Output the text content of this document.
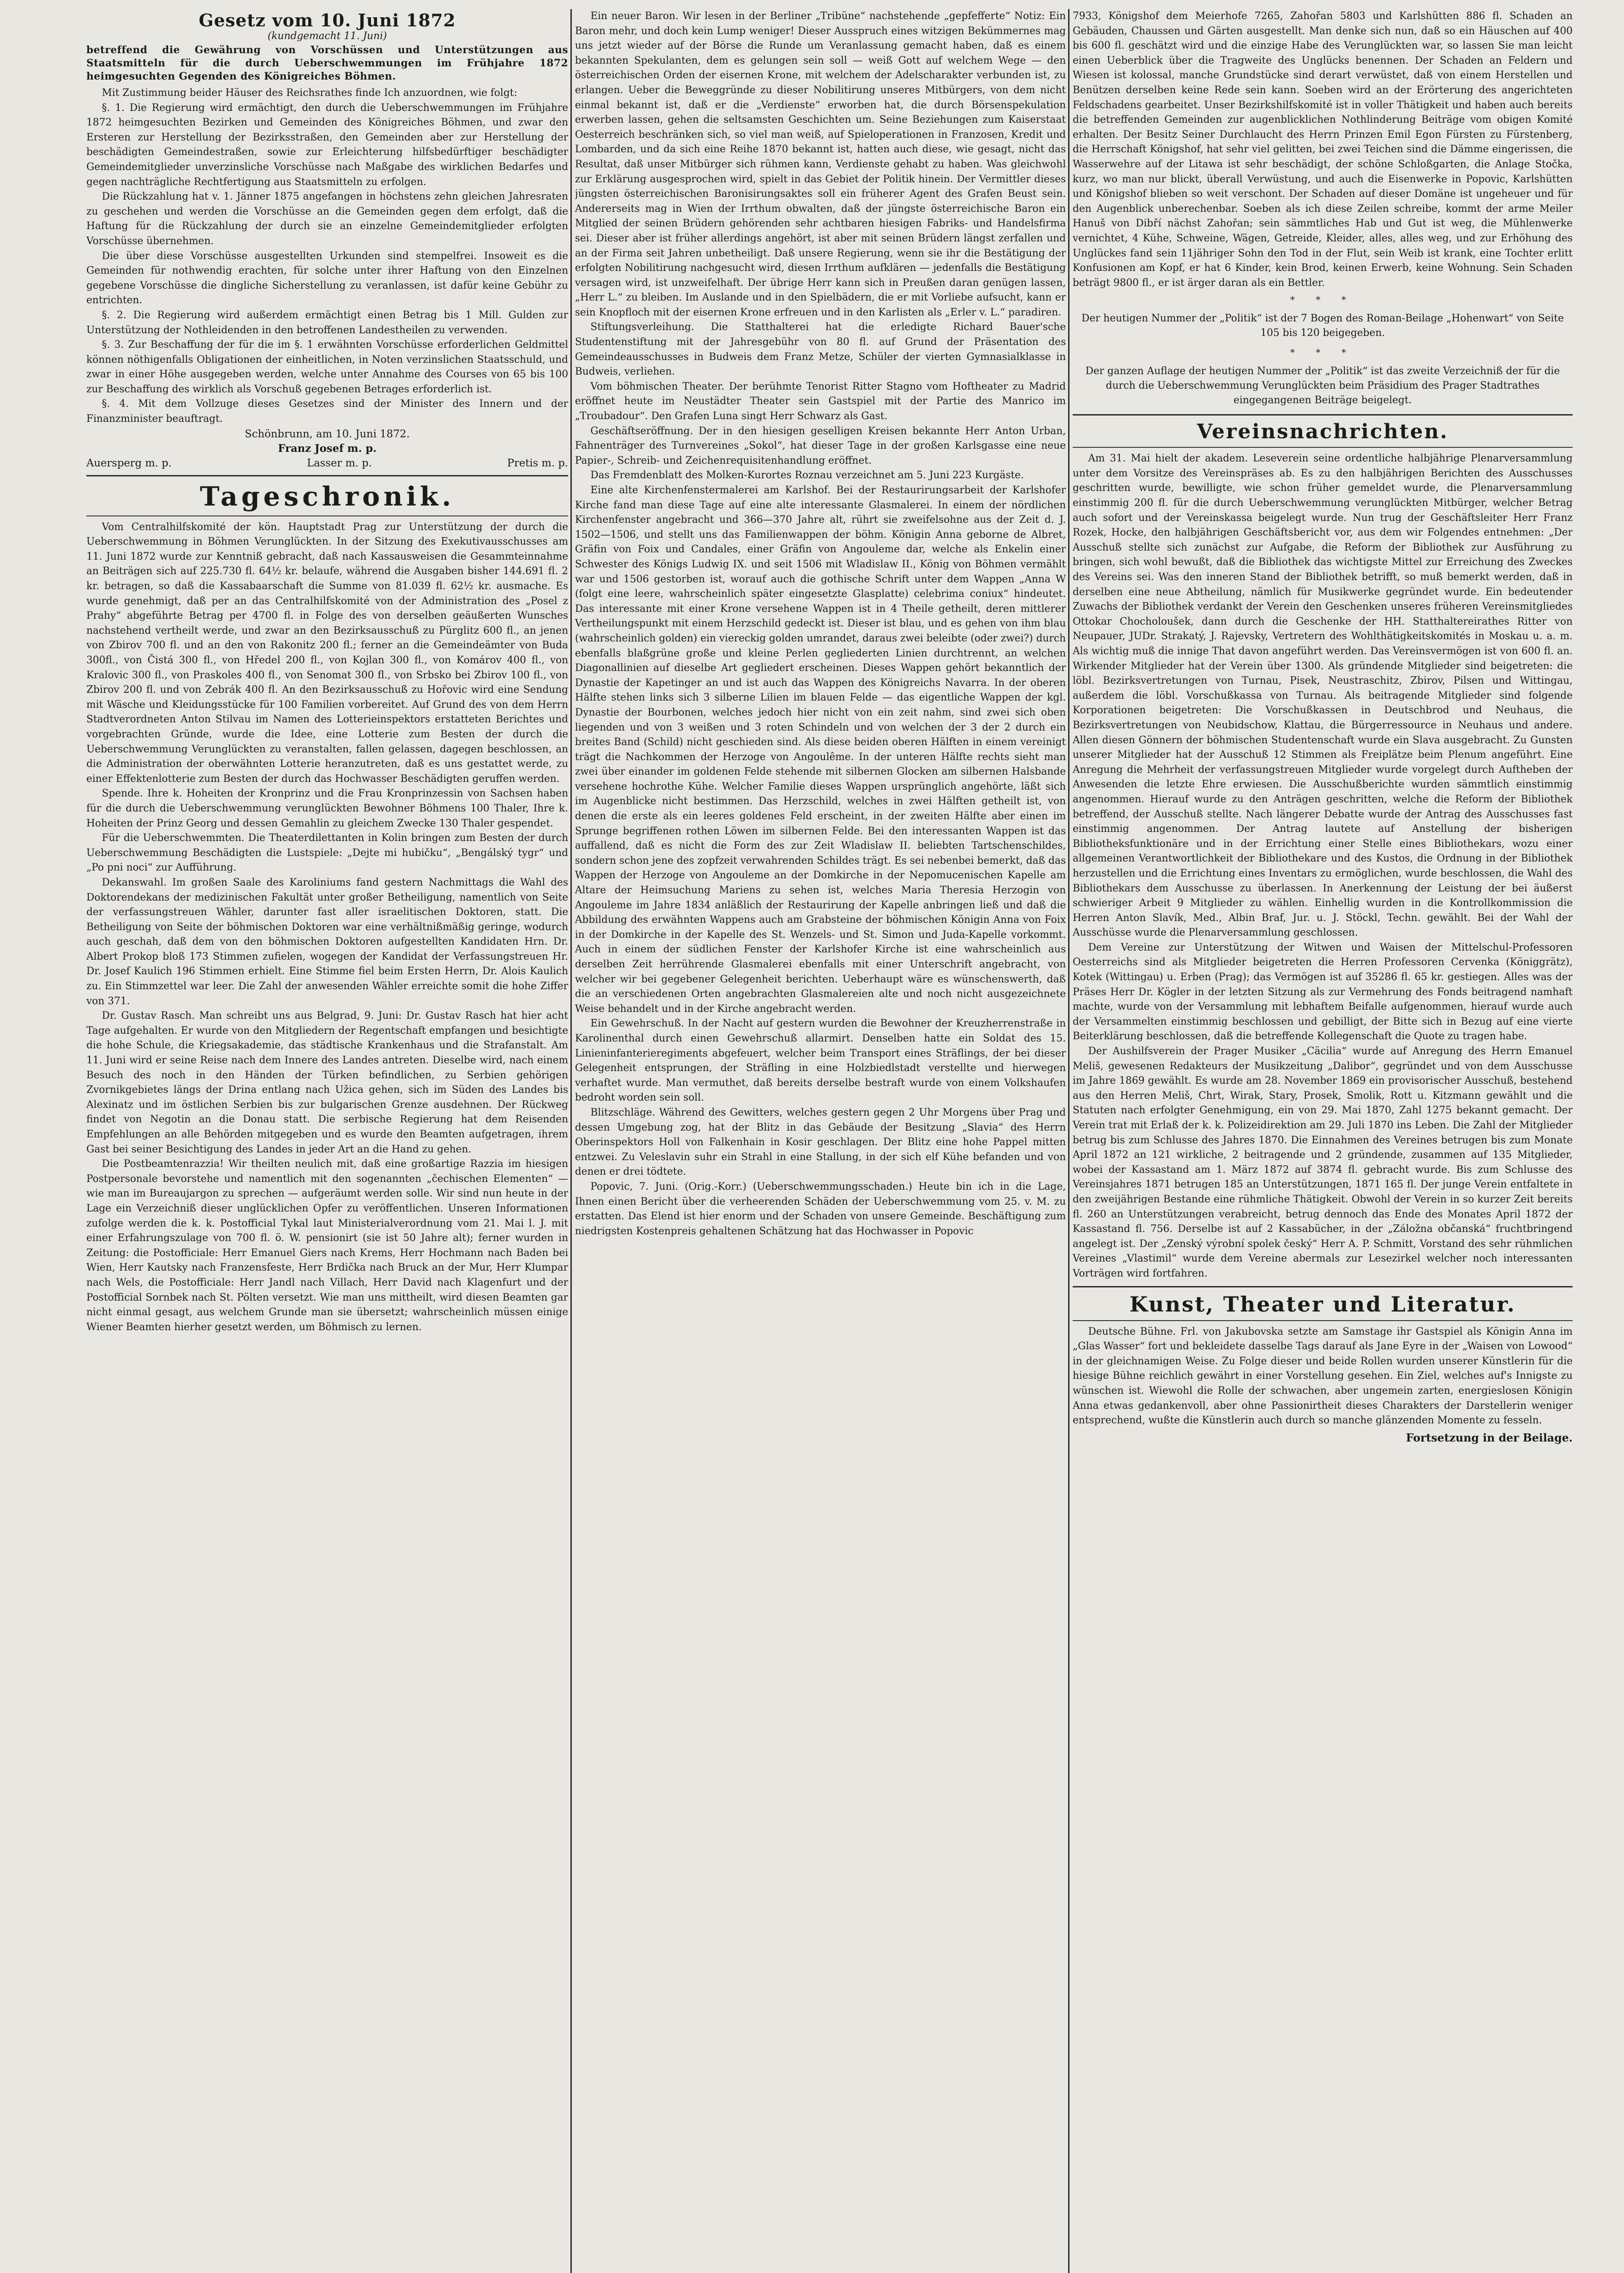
Gesetz vom 10. Juni 1872
(kundgemacht 11. Juni)
betreffend die Gewährung von Vorschüssen und Unterstützungen aus Staatsmitteln für die durch Ueberschwemmungen im Frühjahre 1872 heimgesuchten Gegenden des Königreiches Böhmen.

Mit Zustimmung beider Häuser des Reichsrathes finde Ich anzuordnen, wie folgt:

§. 1. Die Regierung wird ermächtigt, den durch die Ueberschwemmungen im Frühjahre 1872 heimgesuchten Bezirken und Gemeinden des Königreiches Böhmen, und zwar den Ersteren zur Herstellung der Bezirksstraßen, den Gemeinden aber zur Herstellung der beschädigten Gemeindestraßen, sowie zur Erleichterung hilfsbedürftiger beschädigter Gemeindemitglieder unverzinsliche Vorschüsse nach Maßgabe des wirklichen Bedarfes und gegen nachträgliche Rechtfertigung aus Staatsmitteln zu erfolgen.

Die Rückzahlung hat v. 1. Jänner 1875 angefangen in höchstens zehn gleichen Jahresraten zu geschehen und werden die Vorschüsse an die Gemeinden gegen dem erfolgt, daß die Haftung für die Rückzahlung der durch sie an einzelne Gemeindemitglieder erfolgten Vorschüsse übernehmen.

Die über diese Vorschüsse ausgestellten Urkunden sind stempelfrei. Insoweit es die Gemeinden für nothwendig erachten, für solche unter ihrer Haftung von den Einzelnen gegebene Vorschüsse die dingliche Sicherstellung zu veranlassen, ist dafür keine Gebühr zu entrichten.

§. 2. Die Regierung wird außerdem ermächtigt einen Betrag bis 1 Mill. Gulden zur Unterstützung der Nothleidenden in den betroffenen Landestheilen zu verwenden.

§. 3. Zur Beschaffung der für die im §. 1 erwähnten Vorschüsse erforderlichen Geldmittel können nöthigenfalls Obligationen der einheitlichen, in Noten verzinslichen Staatsschuld, und zwar in einer Höhe ausgegeben werden, welche unter Annahme des Courses von 65 bis 100 zur Beschaffung des wirklich als Vorschuß gegebenen Betrages erforderlich ist.

§. 4. Mit dem Vollzuge dieses Gesetzes sind der Minister des Innern und der Finanzminister beauftragt.

Schönbrunn, am 10. Juni 1872.
Franz Josef m. p.
Auersperg m. p.	Lasser m. p.	Pretis m. p.
Tageschronik.

Vom Centralhilfskomité der kön. Hauptstadt Prag zur Unterstützung der durch die Ueberschwemmung in Böhmen Verunglückten. In der Sitzung des Exekutivausschusses am 11. Juni 1872 wurde zur Kenntniß gebracht, daß nach Kassausweisen die Gesammteinnahme an Beiträgen sich auf 225.730 fl. 64½ kr. belaufe, während die Ausgaben bisher 144.691 fl. 2 kr. betragen, so daß die Kassabaarschaft die Summe von 81.039 fl. 62½ kr. ausmache. Es wurde genehmigt, daß per an das Centralhilfskomité von der Administration des „Posel z Prahy“ abgeführte Betrag per 4700 fl. in Folge des von derselben geäußerten Wunsches nachstehend vertheilt werde, und zwar an den Bezirksausschuß zu Pürglitz 600 fl., an jenen von Zbirov 700 fl. und an den von Rakonitz 200 fl.; ferner an die Gemeindeämter von Buda 300fl., von Čistá 300 fl., von Hředel 200 fl., von Kojlan 300 fl., von Komárov 400 fl., von Kralovic 300 fl., von Praskoles 400 fl., von Senomat 300 fl., von Srbsko bei Zbirov 100 fl., von Zbirov 200 fl. und von Zebrák 400 fl. An den Bezirksausschuß zu Hořovic wird eine Sendung mit Wäsche und Kleidungsstücke für 100 Familien vorbereitet. Auf Grund des von dem Herrn Stadtverordneten Anton Stilvau im Namen des Lotterieinspektors erstatteten Berichtes und vorgebrachten Gründe, wurde die Idee, eine Lotterie zum Besten der durch die Ueberschwemmung Verunglückten zu veranstalten, fallen gelassen, dagegen beschlossen, an die Administration der oberwähnten Lotterie heranzutreten, daß es uns gestattet werde, zu einer Effektenlotterie zum Besten der durch das Hochwasser Beschädigten geruffen werden.

Spende. Ihre k. Hoheiten der Kronprinz und die Frau Kronprinzessin von Sachsen haben für die durch die Ueberschwemmung verunglückten Bewohner Böhmens 100 Thaler, Ihre k. Hoheiten der Prinz Georg und dessen Gemahlin zu gleichem Zwecke 130 Thaler gespendet.

Für die Ueberschwemmten. Die Theaterdilettanten in Kolin bringen zum Besten der durch Ueberschwemmung Beschädigten die Lustspiele: „Dejte mi hubičku“, „Bengálský tygr“ und „Po pni noci“ zur Aufführung.

Dekanswahl. Im großen Saale des Karoliniums fand gestern Nachmittags die Wahl des Doktorendekans der medizinischen Fakultät unter großer Betheiligung, namentlich von Seite der verfassungstreuen Wähler, darunter fast aller israelitischen Doktoren, statt. Die Betheiligung von Seite der böhmischen Doktoren war eine verhältnißmäßig geringe, wodurch auch geschah, daß dem von den böhmischen Doktoren aufgestellten Kandidaten Hrn. Dr. Albert Prokop bloß 173 Stimmen zufielen, wogegen der Kandidat der Verfassungstreuen Hr. Dr. Josef Kaulich 196 Stimmen erhielt. Eine Stimme fiel beim Ersten Herrn, Dr. Alois Kaulich zu. Ein Stimmzettel war leer. Die Zahl der anwesenden Wähler erreichte somit die hohe Ziffer von 371.

Dr. Gustav Rasch. Man schreibt uns aus Belgrad, 9. Juni: Dr. Gustav Rasch hat hier acht Tage aufgehalten. Er wurde von den Mitgliedern der Regentschaft empfangen und besichtigte die hohe Schule, die Kriegsakademie, das städtische Krankenhaus und die Strafanstalt. Am 11. Juni wird er seine Reise nach dem Innere des Landes antreten. Dieselbe wird, nach einem Besuch des noch in den Händen der Türken befindlichen, zu Serbien gehörigen Zvornikgebietes längs der Drina entlang nach Užica gehen, sich im Süden des Landes bis Alexinatz und im östlichen Serbien bis zur bulgarischen Grenze ausdehnen. Der Rückweg findet von Negotin an die Donau statt. Die serbische Regierung hat dem Reisenden Empfehlungen an alle Behörden mitgegeben und es wurde den Beamten aufgetragen, ihrem Gast bei seiner Besichtigung des Landes in jeder Art an die Hand zu gehen.

Die Postbeamtenrazzia! Wir theilten neulich mit, daß eine großartige Razzia im hiesigen Postpersonale bevorstehe und namentlich mit den sogenannten „čechischen Elementen“ — wie man im Bureaujargon zu sprechen — aufgeräumt werden solle. Wir sind nun heute in der Lage ein Verzeichniß dieser unglücklichen Opfer zu veröffentlichen. Unseren Informationen zufolge werden die k. k. Postofficial Tykal laut Ministerialverordnung vom 21. Mai l. J. mit einer Erfahrungszulage von 700 fl. ö. W. pensionirt (sie ist 50 Jahre alt); ferner wurden in Zeitung: die Postofficiale: Herr Emanuel Giers nach Krems, Herr Hochmann nach Baden bei Wien, Herr Kautsky nach Franzensfeste, Herr Brdička nach Bruck an der Mur, Herr Klumpar nach Wels, die Postofficiale: Herr Jandl nach Villach, Herr David nach Klagenfurt und der Postofficial Sornbek nach St. Pölten versetzt. Wie man uns mittheilt, wird diesen Beamten gar nicht einmal gesagt, aus welchem Grunde man sie übersetzt; wahrscheinlich müssen einige Wiener Beamten hierher gesetzt werden, um Böhmisch zu lernen.

Ein neuer Baron. Wir lesen in der Berliner „Tribüne“ nachstehende „gepfefferte“ Notiz: Ein Baron mehr, und doch kein Lump weniger! Dieser Ausspruch eines witzigen Bekümmernes mag uns jetzt wieder auf der Börse die Runde um Veranlassung gemacht haben, daß es einem bekannten Spekulanten, dem es gelungen sein soll — weiß Gott auf welchem Wege — den österreichischen Orden der eisernen Krone, mit welchem der Adelscharakter verbunden ist, zu erlangen. Ueber die Beweggründe zu dieser Nobilitirung unseres Mitbürgers, von dem nicht einmal bekannt ist, daß er die „Verdienste“ erworben hat, die durch Börsenspekulation erwerben lassen, gehen die seltsamsten Geschichten um. Seine Beziehungen zum Kaiserstaat Oesterreich beschränken sich, so viel man weiß, auf Spieloperationen in Franzosen, Kredit und Lombarden, und da sich eine Reihe 1870 bekannt ist, hatten auch diese, wie gesagt, nicht das Resultat, daß unser Mitbürger sich rühmen kann, Verdienste gehabt zu haben. Was gleichwohl zur Erklärung ausgesprochen wird, spielt in das Gebiet der Politik hinein. Der Vermittler dieses jüngsten österreichischen Baronisirungsaktes soll ein früherer Agent des Grafen Beust sein. Andererseits mag in Wien der Irrthum obwalten, daß der jüngste österreichische Baron ein Mitglied der seinen Brüdern gehörenden sehr achtbaren hiesigen Fabriks- und Handelsfirma sei. Dieser aber ist früher allerdings angehört, ist aber mit seinen Brüdern längst zerfallen und an der Firma seit Jahren unbetheiligt. Daß unsere Regierung, wenn sie ihr die Bestätigung der erfolgten Nobilitirung nachgesucht wird, diesen Irrthum aufklären — jedenfalls die Bestätigung versagen wird, ist unzweifelhaft. Der übrige Herr kann sich in Preußen daran genügen lassen, „Herr L.“ zu bleiben. Im Auslande und in den Spielbädern, die er mit Vorliebe aufsucht, kann er sein Knopfloch mit der eisernen Krone erfreuen und in den Karlisten als „Erler v. L.“ paradiren.

Stiftungsverleihung. Die Statthalterei hat die erledigte Richard Bauer'sche Studentenstiftung mit der Jahresgebühr von 80 fl. auf Grund der Präsentation des Gemeindeausschusses in Budweis dem Franz Metze, Schüler der vierten Gymnasialklasse in Budweis, verliehen.

Vom böhmischen Theater. Der berühmte Tenorist Ritter Stagno vom Hoftheater zu Madrid eröffnet heute im Neustädter Theater sein Gastspiel mit der Partie des Manrico im „Troubadour“. Den Grafen Luna singt Herr Schwarz als Gast.

Geschäftseröffnung. Der in den hiesigen geselligen Kreisen bekannte Herr Anton Urban, Fahnenträger des Turnvereines „Sokol“, hat dieser Tage in der großen Karlsgasse eine neue Papier-, Schreib- und Zeichenrequisitenhandlung eröffnet.

Das Fremdenblatt des Molken-Kurortes Roznau verzeichnet am 5. Juni 223 Kurgäste.

Eine alte Kirchenfenstermalerei am Karlshof. Bei der Restaurirungsarbeit der Karlshofer Kirche fand man diese Tage auf eine alte interessante Glasmalerei. In einem der nördlichen Kirchenfenster angebracht und 366—370 Jahre alt, rührt sie zweifelsohne aus der Zeit d. J. 1502—1506, und stellt uns das Familienwappen der böhm. Königin Anna geborne de Albret, Gräfin von Foix und Candales, einer Gräfin von Angouleme dar, welche als Enkelin einer Schwester des Königs Ludwig IX. und seit 1506 mit Wladislaw II., König von Böhmen vermählt war und 1506 gestorben ist, worauf auch die gothische Schrift unter dem Wappen „Anna W (folgt eine leere, wahrscheinlich später eingesetzte Glasplatte) celebrima coniux“ hindeutet. Das interessante mit einer Krone versehene Wappen ist in 4 Theile getheilt, deren mittlerer Vertheilungspunkt mit einem Herzschild gedeckt ist. Dieser ist blau, und es gehen von ihm blau (wahrscheinlich golden) ein viereckig golden umrandet, daraus zwei beleibte (oder zwei?) durch ebenfalls blaßgrüne große und kleine Perlen gegliederten Linien durchtrennt, an welchen Diagonallinien auf dieselbe Art gegliedert erscheinen. Dieses Wappen gehört bekanntlich der Dynastie der Kapetinger an und ist auch das Wappen des Königreichs Navarra. In der oberen Hälfte stehen links sich 3 silberne Lilien im blauen Felde — das eigentliche Wappen der kgl. Dynastie der Bourbonen, welches jedoch hier nicht von ein zeit nahm, sind zwei sich oben liegenden und von 3 weißen und 3 roten Schindeln und von welchen der 3 der 2 durch ein breites Band (Schild) nicht geschieden sind. Als diese beiden oberen Hälften in einem vereinigt trägt die Nachkommen der Herzoge von Angoulême. In der unteren Hälfte rechts sieht man zwei über einander im goldenen Felde stehende mit silbernen Glocken am silbernen Halsbande versehene hochrothe Kühe. Welcher Familie dieses Wappen ursprünglich angehörte, läßt sich im Augenblicke nicht bestimmen. Das Herzschild, welches in zwei Hälften getheilt ist, von denen die erste als ein leeres goldenes Feld erscheint, in der zweiten Hälfte aber einen im Sprunge begriffenen rothen Löwen im silbernen Felde. Bei den interessanten Wappen ist das auffallend, daß es nicht die Form des zur Zeit Wladislaw II. beliebten Tartschenschildes, sondern schon jene des zopfzeit verwahrenden Schildes trägt. Es sei nebenbei bemerkt, daß das Wappen der Herzoge von Angouleme an der Domkirche in der Nepomucenischen Kapelle am Altare der Heimsuchung Mariens zu sehen ist, welches Maria Theresia Herzogin von Angouleme im Jahre 1834 anläßlich der Restaurirung der Kapelle anbringen ließ und daß die Abbildung des erwähnten Wappens auch am Grabsteine der böhmischen Königin Anna von Foix in der Domkirche in der Kapelle des St. Wenzels- und St. Simon und Juda-Kapelle vorkommt. Auch in einem der südlichen Fenster der Karlshofer Kirche ist eine wahrscheinlich aus derselben Zeit herrührende Glasmalerei ebenfalls mit einer Unterschrift angebracht, von welcher wir bei gegebener Gelegenheit berichten. Ueberhaupt wäre es wünschenswerth, daß die an verschiedenen Orten angebrachten Glasmalereien alte und noch nicht ausgezeichnete Weise behandelt und in der Kirche angebracht werden.

Ein Gewehrschuß. In der Nacht auf gestern wurden die Bewohner der Kreuzherrenstraße in Karolinenthal durch einen Gewehrschuß allarmirt. Denselben hatte ein Soldat des 15. Linieninfanterieregiments abgefeuert, welcher beim Transport eines Sträflings, der bei dieser Gelegenheit entsprungen, der Sträfling in eine Holzbiedlstadt verstellte und hierwegen verhaftet wurde. Man vermuthet, daß bereits derselbe bestraft wurde von einem Volkshaufen bedroht worden sein soll.

Blitzschläge. Während des Gewitters, welches gestern gegen 2 Uhr Morgens über Prag und dessen Umgebung zog, hat der Blitz in das Gebäude der Besitzung „Slavia“ des Herrn Oberinspektors Holl von Falkenhain in Kosir geschlagen. Der Blitz eine hohe Pappel mitten entzwei. Zu Veleslavin suhr ein Strahl in eine Stallung, in der sich elf Kühe befanden und von denen er drei tödtete.

Popovic, 7. Juni. (Orig.-Korr.) (Ueberschwemmungsschaden.) Heute bin ich in die Lage, Ihnen einen Bericht über die verheerenden Schäden der Ueberschwemmung vom 25. v. M. zu erstatten. Das Elend ist hier enorm und der Schaden von unsere Gemeinde. Beschäftigung zum niedrigsten Kostenpreis gehaltenen Schätzung hat das Hochwasser in Popovic

7933, Königshof dem Meierhofe 7265, Zahořan 5803 und Karlshütten 886 fl. Schaden an Gebäuden, Chaussen und Gärten ausgestellt. Man denke sich nun, daß so ein Häuschen auf 400 bis 600 fl. geschätzt wird und die einzige Habe des Verunglückten war, so lassen Sie man leicht einen Ueberblick über die Tragweite des Unglücks benennen. Der Schaden an Feldern und Wiesen ist kolossal, manche Grundstücke sind derart verwüstet, daß von einem Herstellen und Benützen derselben keine Rede sein kann. Soeben wird an der Erörterung des angerichteten Feldschadens gearbeitet. Unser Bezirkshilfskomité ist in voller Thätigkeit und haben auch bereits die betreffenden Gemeinden zur augenblicklichen Nothlinderung Beiträge vom obigen Komité erhalten. Der Besitz Seiner Durchlaucht des Herrn Prinzen Emil Egon Fürsten zu Fürstenberg, die Herrschaft Königshof, hat sehr viel gelitten, bei zwei Teichen sind die Dämme eingerissen, die Wasserwehre auf der Litawa ist sehr beschädigt, der schöne Schloßgarten, die Anlage Stočka, kurz, wo man nur blickt, überall Verwüstung, und auch die Eisenwerke in Popovic, Karlshütten und Königshof blieben so weit verschont. Der Schaden auf dieser Domäne ist ungeheuer und für den Augenblick unberechenbar. Soeben als ich diese Zeilen schreibe, kommt der arme Meiler Hanuš von Dibří nächst Zahořan; sein sämmtliches Hab und Gut ist weg, die Mühlenwerke vernichtet, 4 Kühe, Schweine, Wägen, Getreide, Kleider, alles, alles weg, und zur Erhöhung des Unglückes fand sein 11jähriger Sohn den Tod in der Flut, sein Weib ist krank, eine Tochter erlitt Konfusionen am Kopf, er hat 6 Kinder, kein Brod, keinen Erwerb, keine Wohnung. Sein Schaden beträgt 9800 fl., er ist ärger daran als ein Bettler.

* * *
Der heutigen Nummer der „Politik“ ist der 7 Bogen des Roman-Beilage „Hohenwart“ von Seite 105 bis 120 beigegeben.
* * *
Der ganzen Auflage der heutigen Nummer der „Politik“ ist das zweite Verzeichniß der für die durch die Ueberschwemmung Verunglückten beim Präsidium des Prager Stadtrathes eingegangenen Beiträge beigelegt.
Vereinsnachrichten.

Am 31. Mai hielt der akadem. Leseverein seine ordentliche halbjährige Plenarversammlung unter dem Vorsitze des Vereinspräses ab. Es zu den halbjährigen Berichten des Ausschusses geschritten wurde, bewilligte, wie schon früher gemeldet wurde, die Plenarversammlung einstimmig 200 fl. für die durch Ueberschwemmung verunglückten Mitbürger, welcher Betrag auch sofort und der Vereinskassa beigelegt wurde. Nun trug der Geschäftsleiter Herr Franz Rozek, Hocke, den halbjährigen Geschäftsbericht vor, aus dem wir Folgendes entnehmen: „Der Ausschuß stellte sich zunächst zur Aufgabe, die Reform der Bibliothek zur Ausführung zu bringen, sich wohl bewußt, daß die Bibliothek das wichtigste Mittel zur Erreichung des Zweckes des Vereins sei. Was den inneren Stand der Bibliothek betrifft, so muß bemerkt werden, daß in derselben eine neue Abtheilung, nämlich für Musikwerke gegründet wurde. Ein bedeutender Zuwachs der Bibliothek verdankt der Verein den Geschenken unseres früheren Vereinsmitgliedes Ottokar Chocholoušek, dann durch die Geschenke der HH. Statthaltereirathes Ritter von Neupauer, JUDr. Strakatý, J. Rajevsky, Vertretern des Wohlthätigkeitskomités in Moskau u. a. m. Als wichtig muß die innige That davon angeführt werden. Das Vereinsvermögen ist von 600 fl. an. Wirkender Mitglieder hat der Verein über 1300. Als gründende Mitglieder sind beigetreten: die löbl. Bezirksvertretungen von Turnau, Pisek, Neustraschitz, Zbirov, Pilsen und Wittingau, außerdem die löbl. Vorschußkassa von Turnau. Als beitragende Mitglieder sind folgende Korporationen beigetreten: Die Vorschußkassen in Deutschbrod und Neuhaus, die Bezirksvertretungen von Neubidschow, Klattau, die Bürgerressource in Neuhaus und andere. Allen diesen Gönnern der böhmischen Studentenschaft wurde ein Slava ausgebracht. Zu Gunsten unserer Mitglieder hat der Ausschuß 12 Stimmen als Freiplätze beim Plenum angeführt. Eine Anregung die Mehrheit der verfassungstreuen Mitglieder wurde vorgelegt durch Auftheben der Anwesenden die letzte Ehre erwiesen. Die Ausschußberichte wurden sämmtlich einstimmig angenommen. Hierauf wurde zu den Anträgen geschritten, welche die Reform der Bibliothek betreffend, der Ausschuß stellte. Nach längerer Debatte wurde der Antrag des Ausschusses fast einstimmig angenommen. Der Antrag lautete auf Anstellung der bisherigen Bibliotheksfunktionäre und in der Errichtung einer Stelle eines Bibliothekars, wozu einer allgemeinen Verantwortlichkeit der Bibliothekare und des Kustos, die Ordnung in der Bibliothek herzustellen und die Errichtung eines Inventars zu ermöglichen, wurde beschlossen, die Wahl des Bibliothekars dem Ausschusse zu überlassen. In Anerkennung der Leistung der bei äußerst schwieriger Arbeit 9 Mitglieder zu wählen. Einhellig wurden in die Kontrollkommission die Herren Anton Slavík, Med., Albin Braf, Jur. u. J. Stöckl, Techn. gewählt. Bei der Wahl der Ausschüsse wurde die Plenarversammlung geschlossen.

Dem Vereine zur Unterstützung der Witwen und Waisen der Mittelschul-Professoren Oesterreichs sind als Mitglieder beigetreten die Herren Professoren Cervenka (Königgrätz), Kotek (Wittingau) u. Erben (Prag); das Vermögen ist auf 35286 fl. 65 kr. gestiegen. Alles was der Präses Herr Dr. Kögler in der letzten Sitzung als zur Vermehrung des Fonds beitragend namhaft machte, wurde von der Versammlung mit lebhaftem Beifalle aufgenommen, hierauf wurde auch der Versammelten einstimmig beschlossen und gebilligt, der Bitte sich in Bezug auf eine vierte Beiterklärung beschlossen, daß die betreffende Kollegenschaft die Quote zu tragen habe.

Der Aushilfsverein der Prager Musiker „Cäcilia“ wurde auf Anregung des Herrn Emanuel Meliš, gewesenen Redakteurs der Musikzeitung „Dalibor“, gegründet und von dem Ausschusse im Jahre 1869 gewählt. Es wurde am 28. November 1869 ein provisorischer Ausschuß, bestehend aus den Herren Meliš, Chrt, Wirak, Stary, Prosek, Smolik, Rott u. Kitzmann gewählt und die Statuten nach erfolgter Genehmigung, ein von 29. Mai 1870, Zahl 1275 bekannt gemacht. Der Verein trat mit Erlaß der k. k. Polizeidirektion am 29. Juli 1870 ins Leben. Die Zahl der Mitglieder betrug bis zum Schlusse des Jahres 1870. Die Einnahmen des Vereines betrugen bis zum Monate April 1872 an 121 wirkliche, 2 beitragende und 2 gründende, zusammen auf 135 Mitglieder, wobei der Kassastand am 1. März 1872 auf 3874 fl. gebracht wurde. Bis zum Schlusse des Vereinsjahres 1871 betrugen 185 an Unterstützungen, 1871 165 fl. Der junge Verein entfaltete in den zweijährigen Bestande eine rühmliche Thätigkeit. Obwohl der Verein in so kurzer Zeit bereits fl. 260 an Unterstützungen verabreicht, betrug dennoch das Ende des Monates April 1872 der Kassastand fl. 756. Derselbe ist auf 2 Kassabücher, in der „Záložna občanská“ fruchtbringend angelegt ist. Der „Zenský výrobní spolek český“ Herr A. P. Schmitt, Vorstand des sehr rühmlichen Vereines „Vlastimil“ wurde dem Vereine abermals zur Lesezirkel welcher noch interessanten Vorträgen wird fortfahren.

Kunst, Theater und Literatur.

Deutsche Bühne. Frl. von Jakubovska setzte am Samstage ihr Gastspiel als Königin Anna im „Glas Wasser“ fort und bekleidete dasselbe Tags darauf als Jane Eyre in der „Waisen von Lowood“ in der gleichnamigen Weise. Zu Folge dieser und beide Rollen wurden unserer Künstlerin für die hiesige Bühne reichlich gewährt in einer Vorstellung gesehen. Ein Ziel, welches auf's Innigste zu wünschen ist. Wiewohl die Rolle der schwachen, aber ungemein zarten, energieslosen Königin Anna etwas gedankenvoll, aber ohne Passionirtheit dieses Charakters der Darstellerin weniger entsprechend, wußte die Künstlerin auch durch so manche glänzenden Momente zu fesseln.

Fortsetzung in der Beilage.
